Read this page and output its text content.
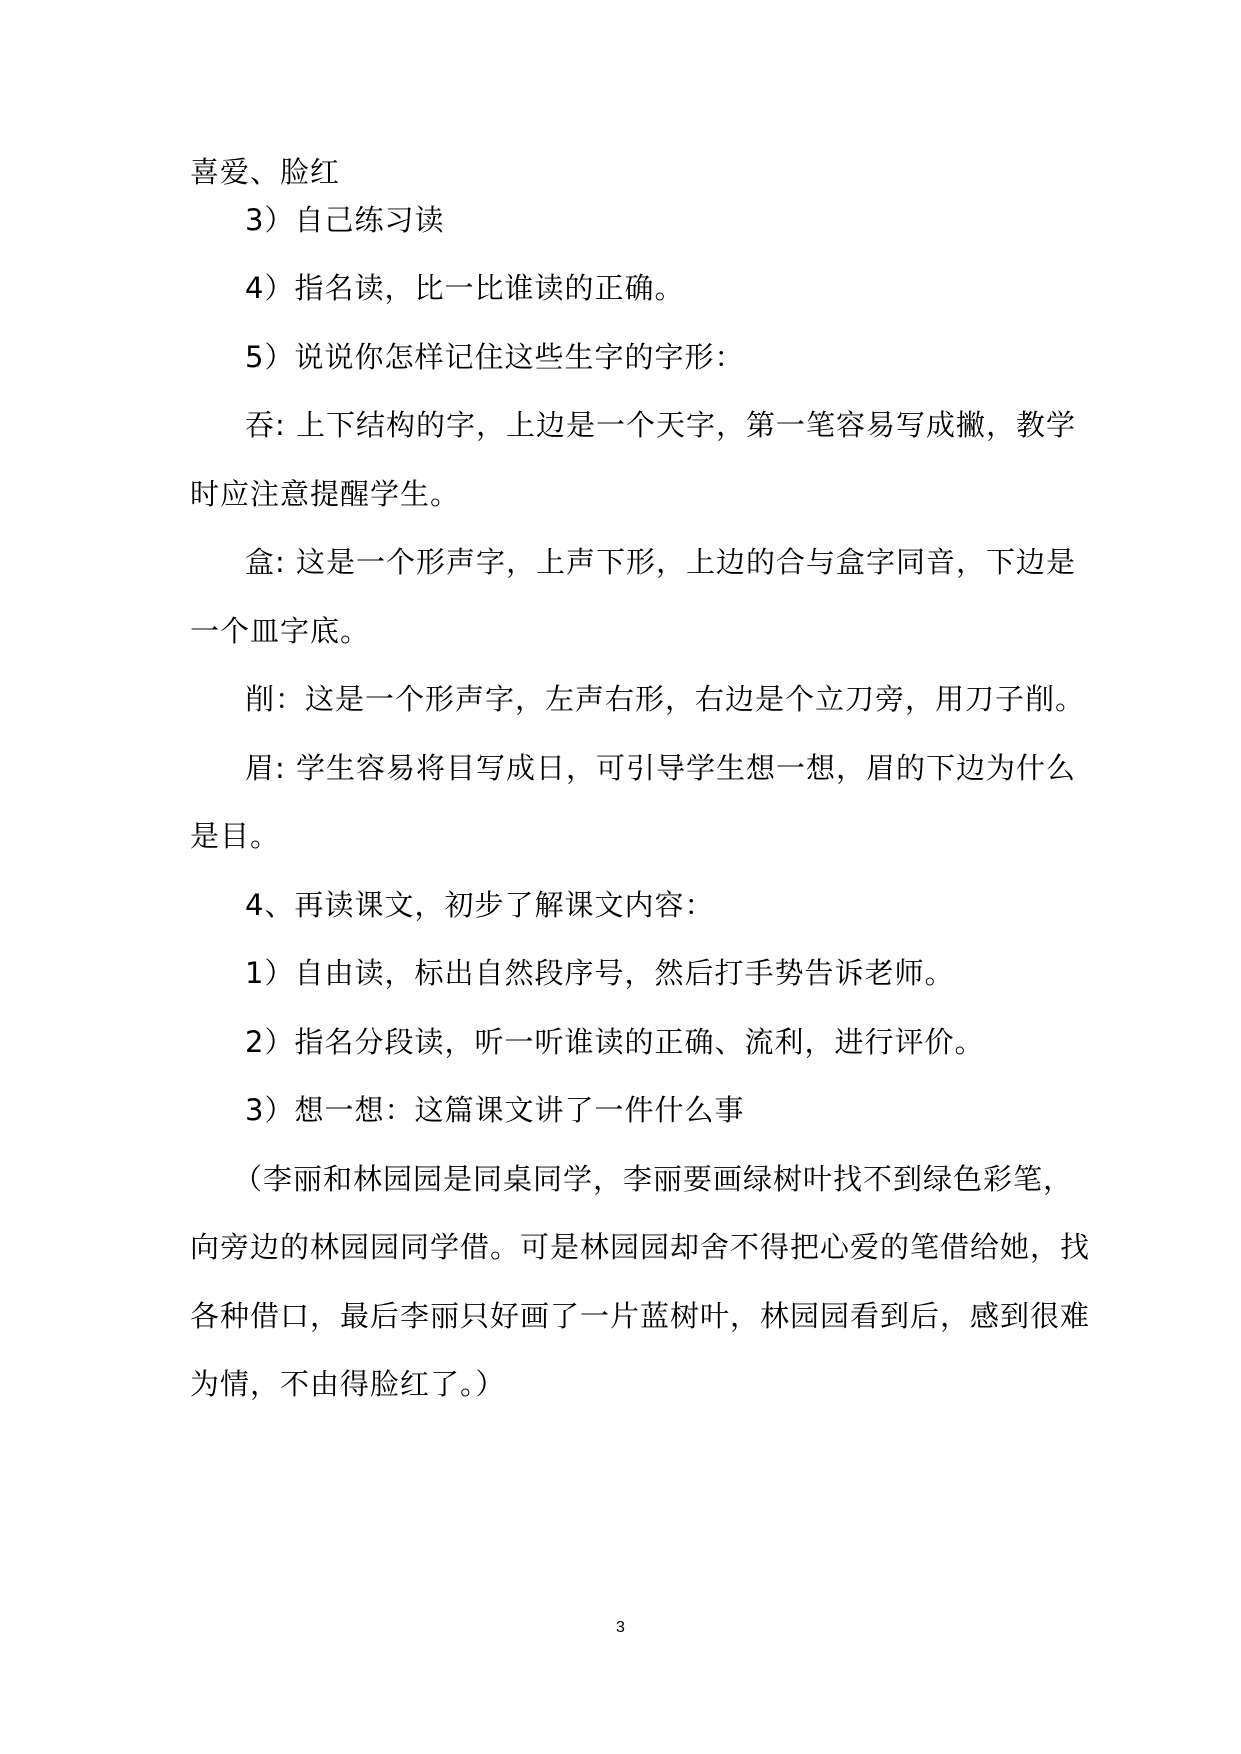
喜爱、脸红
3）自己练习读
4）指名读，比一比谁读的正确。
5）说说你怎样记住这些生字的字形：
吞: 上下结构的字，上边是一个天字，第一笔容易写成撇，教学
时应注意提醒学生。
盒: 这是一个形声字，上声下形，上边的合与盒字同音，下边是
一个皿字底。
削：这是一个形声字，左声右形，右边是个立刀旁，用刀子削。
眉: 学生容易将目写成日，可引导学生想一想，眉的下边为什么
是目。
4、再读课文，初步了解课文内容：
1）自由读，标出自然段序号，然后打手势告诉老师。
2）指名分段读，听一听谁读的正确、流利，进行评价。
3）想一想：这篇课文讲了一件什么事
（李丽和林园园是同桌同学，李丽要画绿树叶找不到绿色彩笔，
向旁边的林园园同学借。可是林园园却舍不得把心爱的笔借给她，找
各种借口，最后李丽只好画了一片蓝树叶，林园园看到后，感到很难
为情，不由得脸红了。）
3
